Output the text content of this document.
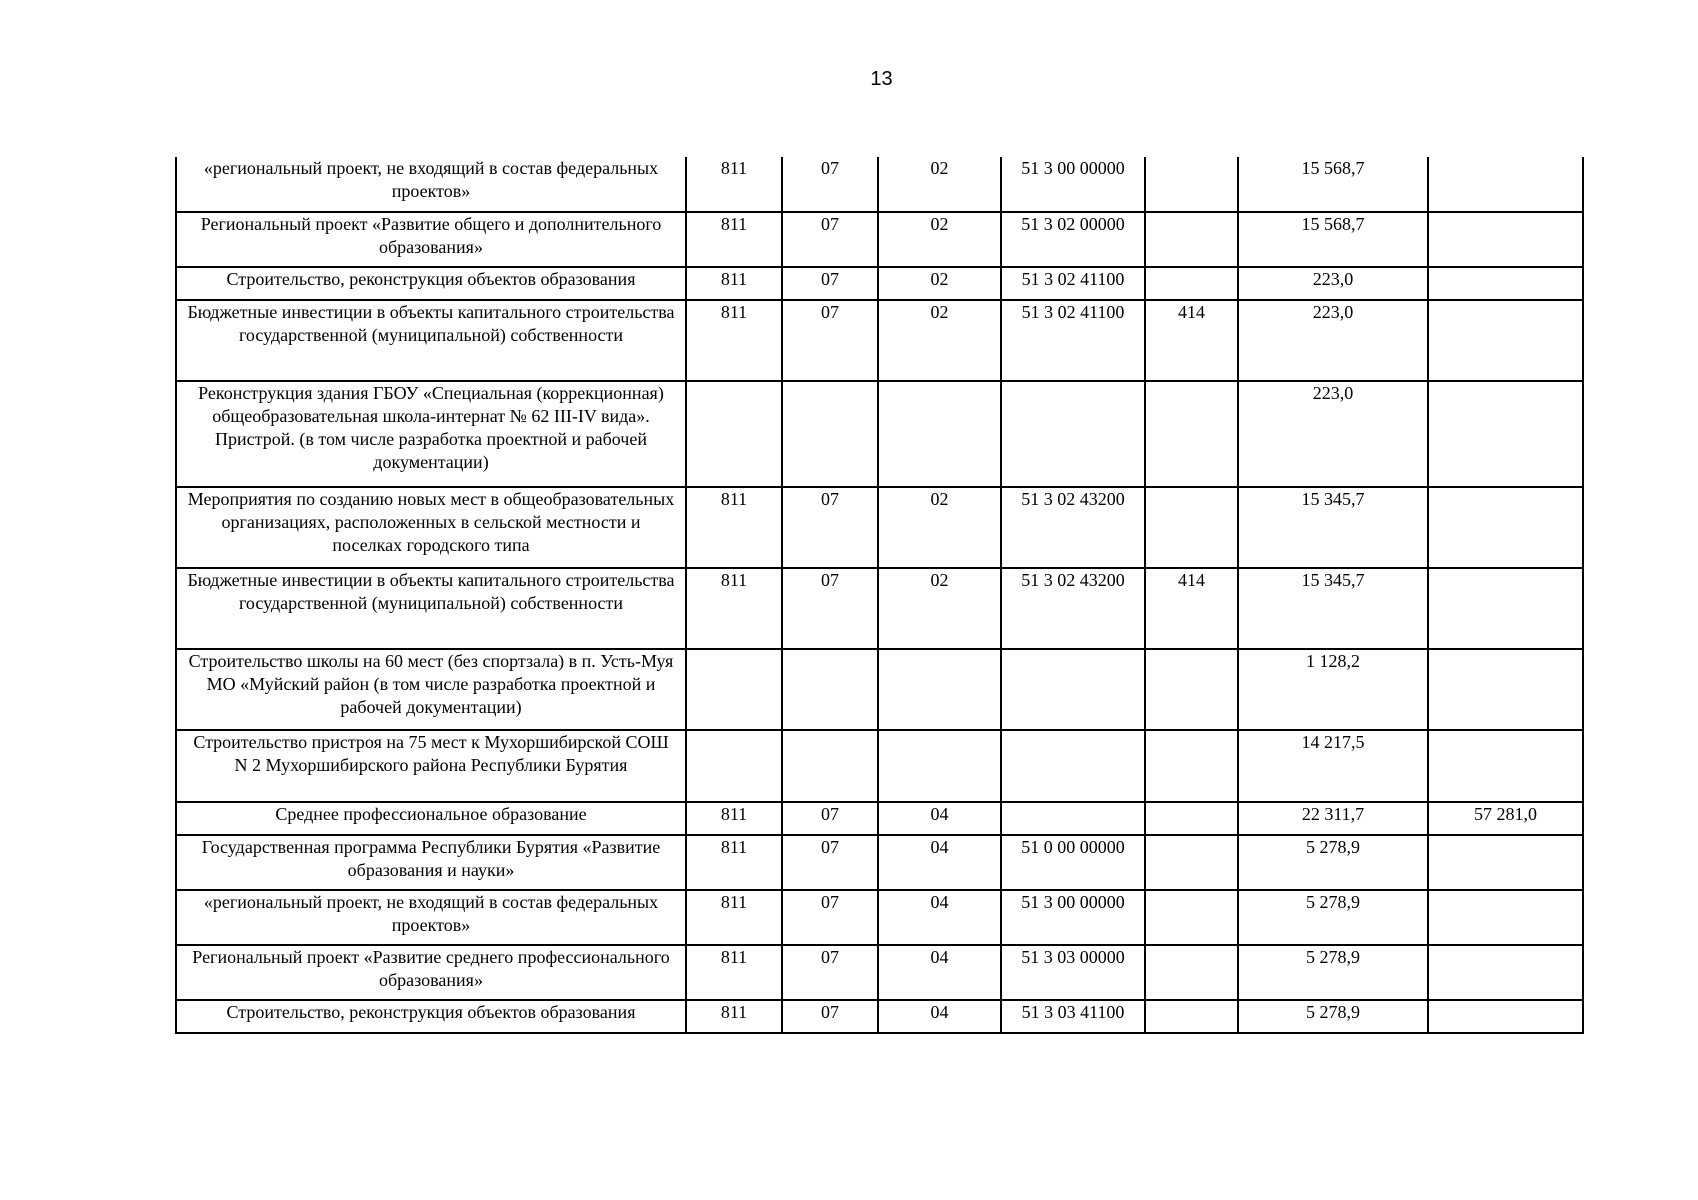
13
«региональный проект, не входящий в состав федеральных проектов»	811	07	02	51 3 00 00000		15 568,7	
Региональный проект «Развитие общего и дополнительного образования»	811	07	02	51 3 02 00000		15 568,7	
Строительство, реконструкция объектов образования	811	07	02	51 3 02 41100		223,0	
Бюджетные инвестиции в объекты капитального строительства государственной (муниципальной) собственности	811	07	02	51 3 02 41100	414	223,0	
Реконструкция здания ГБОУ «Специальная (коррекционная) общеобразовательная школа-интернат № 62 III-IV вида». Пристрой. (в том числе разработка проектной и рабочей документации)						223,0	
Мероприятия по созданию новых мест в общеобразовательных организациях, расположенных в сельской местности и поселках городского типа	811	07	02	51 3 02 43200		15 345,7	
Бюджетные инвестиции в объекты капитального строительства государственной (муниципальной) собственности	811	07	02	51 3 02 43200	414	15 345,7	
Строительство школы на 60 мест (без спортзала) в п. Усть-Муя МО «Муйский район (в том числе разработка проектной и рабочей документации)						1 128,2	
Строительство пристроя на 75 мест к Мухоршибирской СОШ N 2 Мухоршибирского района Республики Бурятия						14 217,5	
Среднее профессиональное образование	811	07	04			22 311,7	57 281,0
Государственная программа Республики Бурятия «Развитие образования и науки»	811	07	04	51 0 00 00000		5 278,9	
«региональный проект, не входящий в состав федеральных проектов»	811	07	04	51 3 00 00000		5 278,9	
Региональный проект «Развитие среднего профессионального образования»	811	07	04	51 3 03 00000		5 278,9	
Строительство, реконструкция объектов образования	811	07	04	51 3 03 41100		5 278,9	
